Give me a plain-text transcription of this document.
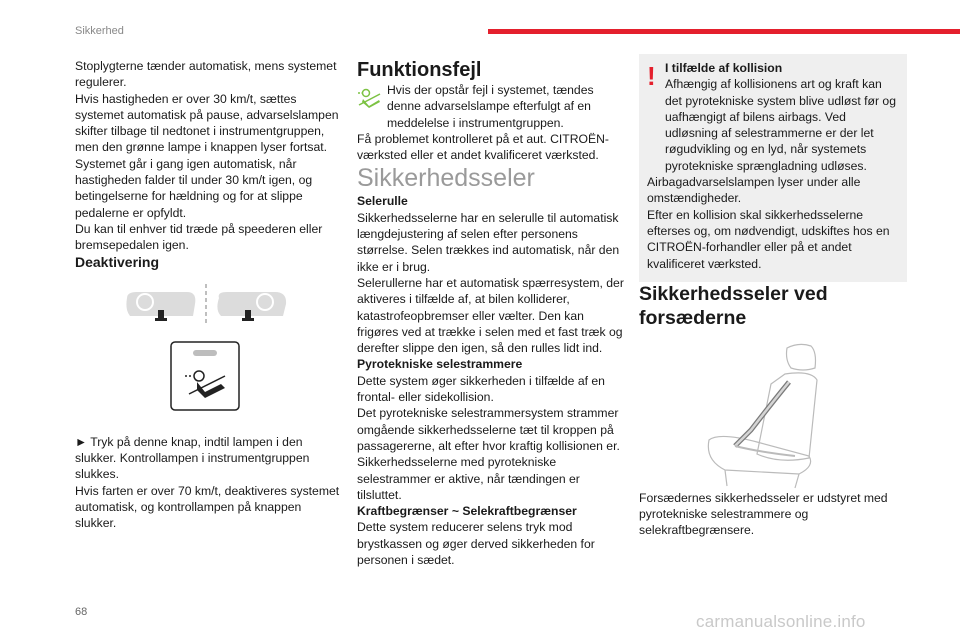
Sikkerhed

Stoplygterne tænder automatisk, mens systemet regulerer.

Hvis hastigheden er over 30 km/t, sættes systemet automatisk på pause, advarselslampen skifter tilbage til nedtonet i instrumentgruppen, men den grønne lampe i knappen lyser fortsat.

Systemet går i gang igen automatisk, når hastigheden falder til under 30 km/t igen, og betingelserne for hældning og for at slippe pedalerne er opfyldt.

Du kan til enhver tid træde på speederen eller bremsepedalen igen.

Deaktivering

► Tryk på denne knap, indtil lampen i den slukker. Kontrollampen i instrumentgruppen slukkes.

Hvis farten er over 70 km/t, deaktiveres systemet automatisk, og kontrollampen på knappen slukker.

Funktionsfejl

Hvis der opstår fejl i systemet, tændes denne advarselslampe efterfulgt af en meddelelse i instrumentgruppen.

Få problemet kontrolleret på et aut. CITROËN-værksted eller et andet kvalificeret værksted.

Sikkerhedsseler

Selerulle

Sikkerhedsselerne har en selerulle til automatisk længdejustering af selen efter personens størrelse. Selen trækkes ind automatisk, når den ikke er i brug.

Selerullerne har et automatisk spærresystem, der aktiveres i tilfælde af, at bilen kolliderer, katastrofeopbremser eller vælter. Den kan frigøres ved at trække i selen med et fast træk og derefter slippe den igen, så den rulles lidt ind.

Pyrotekniske selestrammere

Dette system øger sikkerheden i tilfælde af en frontal- eller sidekollision.

Det pyrotekniske selestrammersystem strammer omgående sikkerhedsselerne tæt til kroppen på passagererne, alt efter hvor kraftig kollisionen er.

Sikkerhedsselerne med pyrotekniske selestrammer er aktive, når tændingen er tilsluttet.

Kraftbegrænser ~ Selekraftbegrænser

Dette system reducerer selens tryk mod brystkassen og øger derved sikkerheden for personen i sædet.

! I tilfælde af kollision

Afhængig af kollisionens art og kraft kan det pyrotekniske system blive udløst før og uafhængigt af bilens airbags. Ved udløsning af selestrammerne er der let røgudvikling og en lyd, når systemets pyrotekniske sprængladning udløses.

Airbagadvarselslampen lyser under alle omstændigheder.

Efter en kollision skal sikkerhedsselerne efterses og, om nødvendigt, udskiftes hos en CITROËN-forhandler eller på et andet kvalificeret værksted.

Sikkerhedsseler ved forsæderne

Forsædernes sikkerhedsseler er udstyret med pyrotekniske selestrammere og selekraftbegrænsere.

68	carmanualsonline.info
